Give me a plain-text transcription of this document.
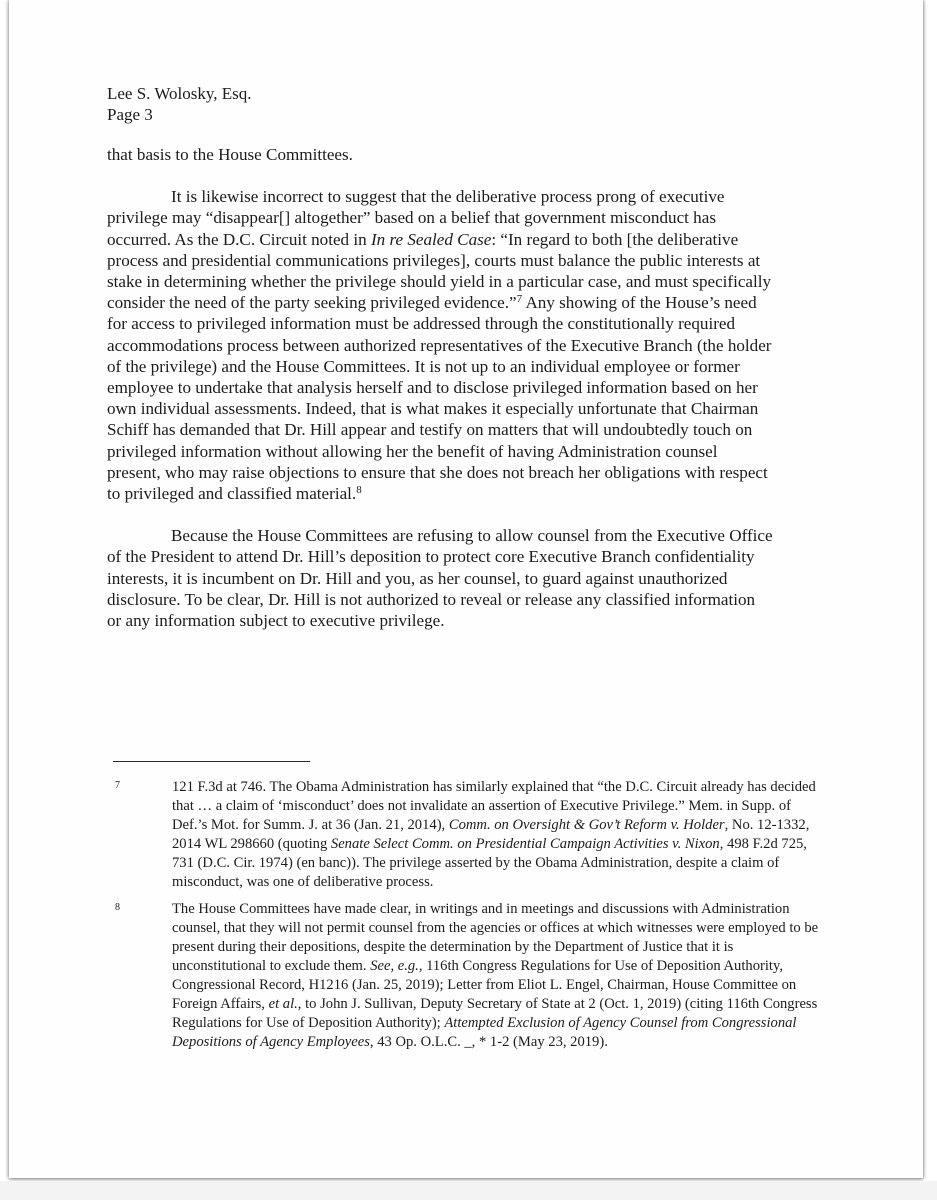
Lee S. Wolosky, Esq.
Page 3
that basis to the House Committees.
It is likewise incorrect to suggest that the deliberative process prong of executive
privilege may “disappear[] altogether” based on a belief that government misconduct has
occurred. As the D.C. Circuit noted in In re Sealed Case: “In regard to both [the deliberative
process and presidential communications privileges], courts must balance the public interests at
stake in determining whether the privilege should yield in a particular case, and must specifically
consider the need of the party seeking privileged evidence.”$^7$ Any showing of the House’s need
for access to privileged information must be addressed through the constitutionally required
accommodations process between authorized representatives of the Executive Branch (the holder
of the privilege) and the House Committees. It is not up to an individual employee or former
employee to undertake that analysis herself and to disclose privileged information based on her
own individual assessments. Indeed, that is what makes it especially unfortunate that Chairman
Schiff has demanded that Dr. Hill appear and testify on matters that will undoubtedly touch on
privileged information without allowing her the benefit of having Administration counsel
present, who may raise objections to ensure that she does not breach her obligations with respect
to privileged and classified material.$^8$
Because the House Committees are refusing to allow counsel from the Executive Office
of the President to attend Dr. Hill’s deposition to protect core Executive Branch confidentiality
interests, it is incumbent on Dr. Hill and you, as her counsel, to guard against unauthorized
disclosure. To be clear, Dr. Hill is not authorized to reveal or release any classified information
or any information subject to executive privilege.
7	121 F.3d at 746. The Obama Administration has similarly explained that “the D.C. Circuit already has decided
that … a claim of ‘misconduct’ does not invalidate an assertion of Executive Privilege.” Mem. in Supp. of
Def.’s Mot. for Summ. J. at 36 (Jan. 21, 2014), Comm. on Oversight & Gov’t Reform v. Holder, No. 12-1332,
2014 WL 298660 (quoting Senate Select Comm. on Presidential Campaign Activities v. Nixon, 498 F.2d 725,
731 (D.C. Cir. 1974) (en banc)). The privilege asserted by the Obama Administration, despite a claim of
misconduct, was one of deliberative process.
8	The House Committees have made clear, in writings and in meetings and discussions with Administration
counsel, that they will not permit counsel from the agencies or offices at which witnesses were employed to be
present during their depositions, despite the determination by the Department of Justice that it is
unconstitutional to exclude them. See, e.g., 116th Congress Regulations for Use of Deposition Authority,
Congressional Record, H1216 (Jan. 25, 2019); Letter from Eliot L. Engel, Chairman, House Committee on
Foreign Affairs, et al., to John J. Sullivan, Deputy Secretary of State at 2 (Oct. 1, 2019) (citing 116th Congress
Regulations for Use of Deposition Authority); Attempted Exclusion of Agency Counsel from Congressional
Depositions of Agency Employees, 43 Op. O.L.C. _, * 1-2 (May 23, 2019).
